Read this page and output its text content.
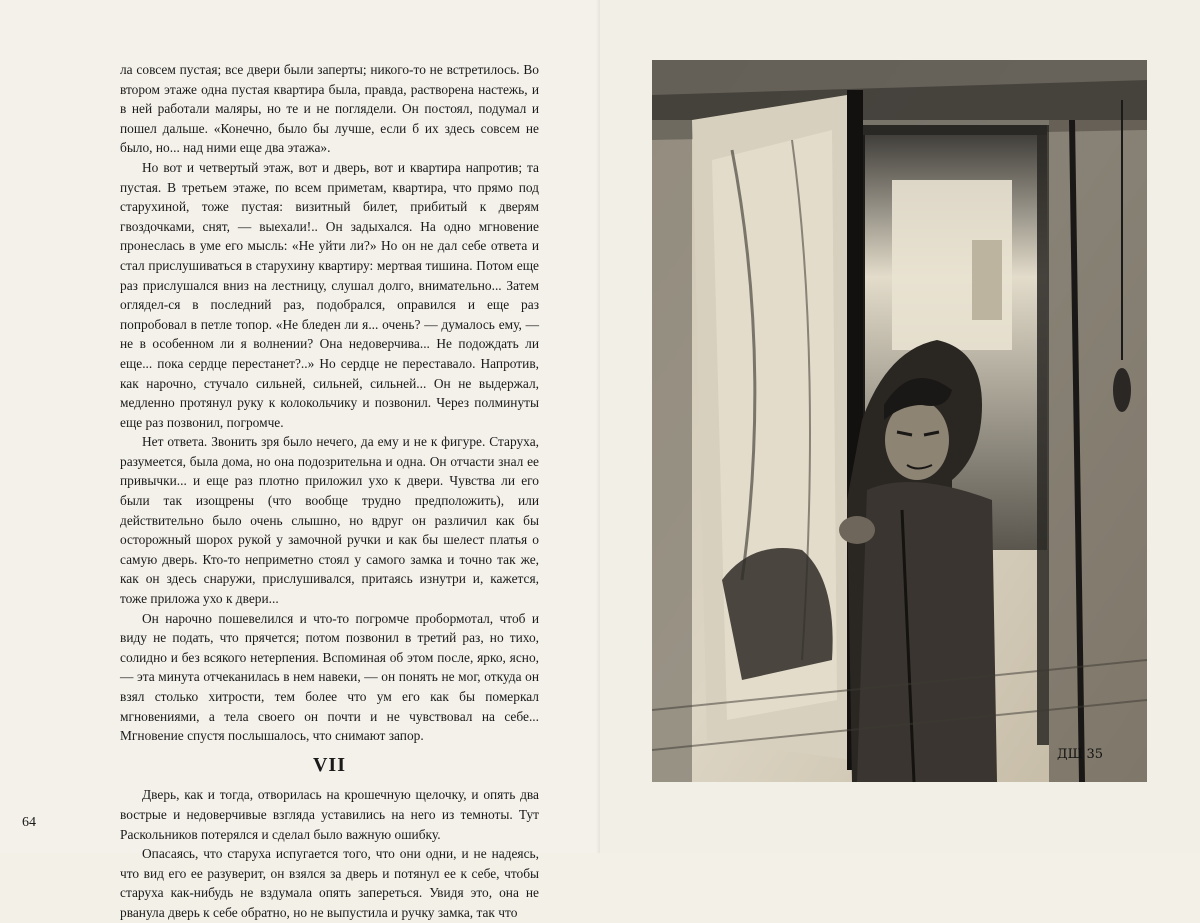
ла совсем пустая; все двери были заперты; никого-то не встретилось. Во втором этаже одна пустая квартира была, правда, растворена настежь, и в ней работали маляры, но те и не поглядели. Он постоял, подумал и пошел дальше. «Конечно, было бы лучше, если б их здесь совсем не было, но... над ними еще два этажа».

Но вот и четвертый этаж, вот и дверь, вот и квартира напротив; та пустая. В третьем этаже, по всем приметам, квартира, что прямо под старухиной, тоже пустая: визитный билет, прибитый к дверям гвоздочками, снят, — выехали!.. Он задыхался. На одно мгновение пронеслась в уме его мысль: «Не уйти ли?» Но он не дал себе ответа и стал прислушиваться в старухину квартиру: мертвая тишина. Потом еще раз прислушался вниз на лестницу, слушал долго, внимательно... Затем оглядел-ся в последний раз, подобрался, оправился и еще раз попробовал в петле топор. «Не бледен ли я... очень? — думалось ему, — не в особенном ли я волнении? Она недоверчива... Не подождать ли еще... пока сердце перестанет?..» Но сердце не переставало. Напротив, как нарочно, стучало сильней, сильней, сильней... Он не выдержал, медленно протянул руку к колокольчику и позвонил. Через полминуты еще раз позвонил, погромче.

Нет ответа. Звонить зря было нечего, да ему и не к фигуре. Старуха, разумеется, была дома, но она подозрительна и одна. Он отчасти знал ее привычки... и еще раз плотно приложил ухо к двери. Чувства ли его были так изощрены (что вообще трудно предположить), или действительно было очень слышно, но вдруг он различил как бы осторожный шорох рукой у замочной ручки и как бы шелест платья о самую дверь. Кто-то неприметно стоял у самого замка и точно так же, как он здесь снаружи, прислушивался, притаясь изнутри и, кажется, тоже приложа ухо к двери...

Он нарочно пошевелился и что-то погромче пробормотал, чтоб и виду не подать, что прячется; потом позвонил в третий раз, но тихо, солидно и без всякого нетерпения. Вспоминая об этом после, ярко, ясно, — эта минута отчеканилась в нем навеки, — он понять не мог, откуда он взял столько хитрости, тем более что ум его как бы померкал мгновениями, а тела своего он почти и не чувствовал на себе... Мгновение спустя послышалось, что снимают запор.

VII

Дверь, как и тогда, отворилась на крошечную щелочку, и опять два вострые и недоверчивые взгляда уставились на него из темноты. Тут Раскольников потерялся и сделал было важную ошибку.

Опасаясь, что старуха испугается того, что они одни, и не надеясь, что вид его ее разуверит, он взялся за дверь и потянул ее к себе, чтобы старуха как-нибудь не вздумала опять запереться. Увидя это, она не рванула дверь к себе обратно, но не выпустила и ручку замка, так что

64
ДШ 35
